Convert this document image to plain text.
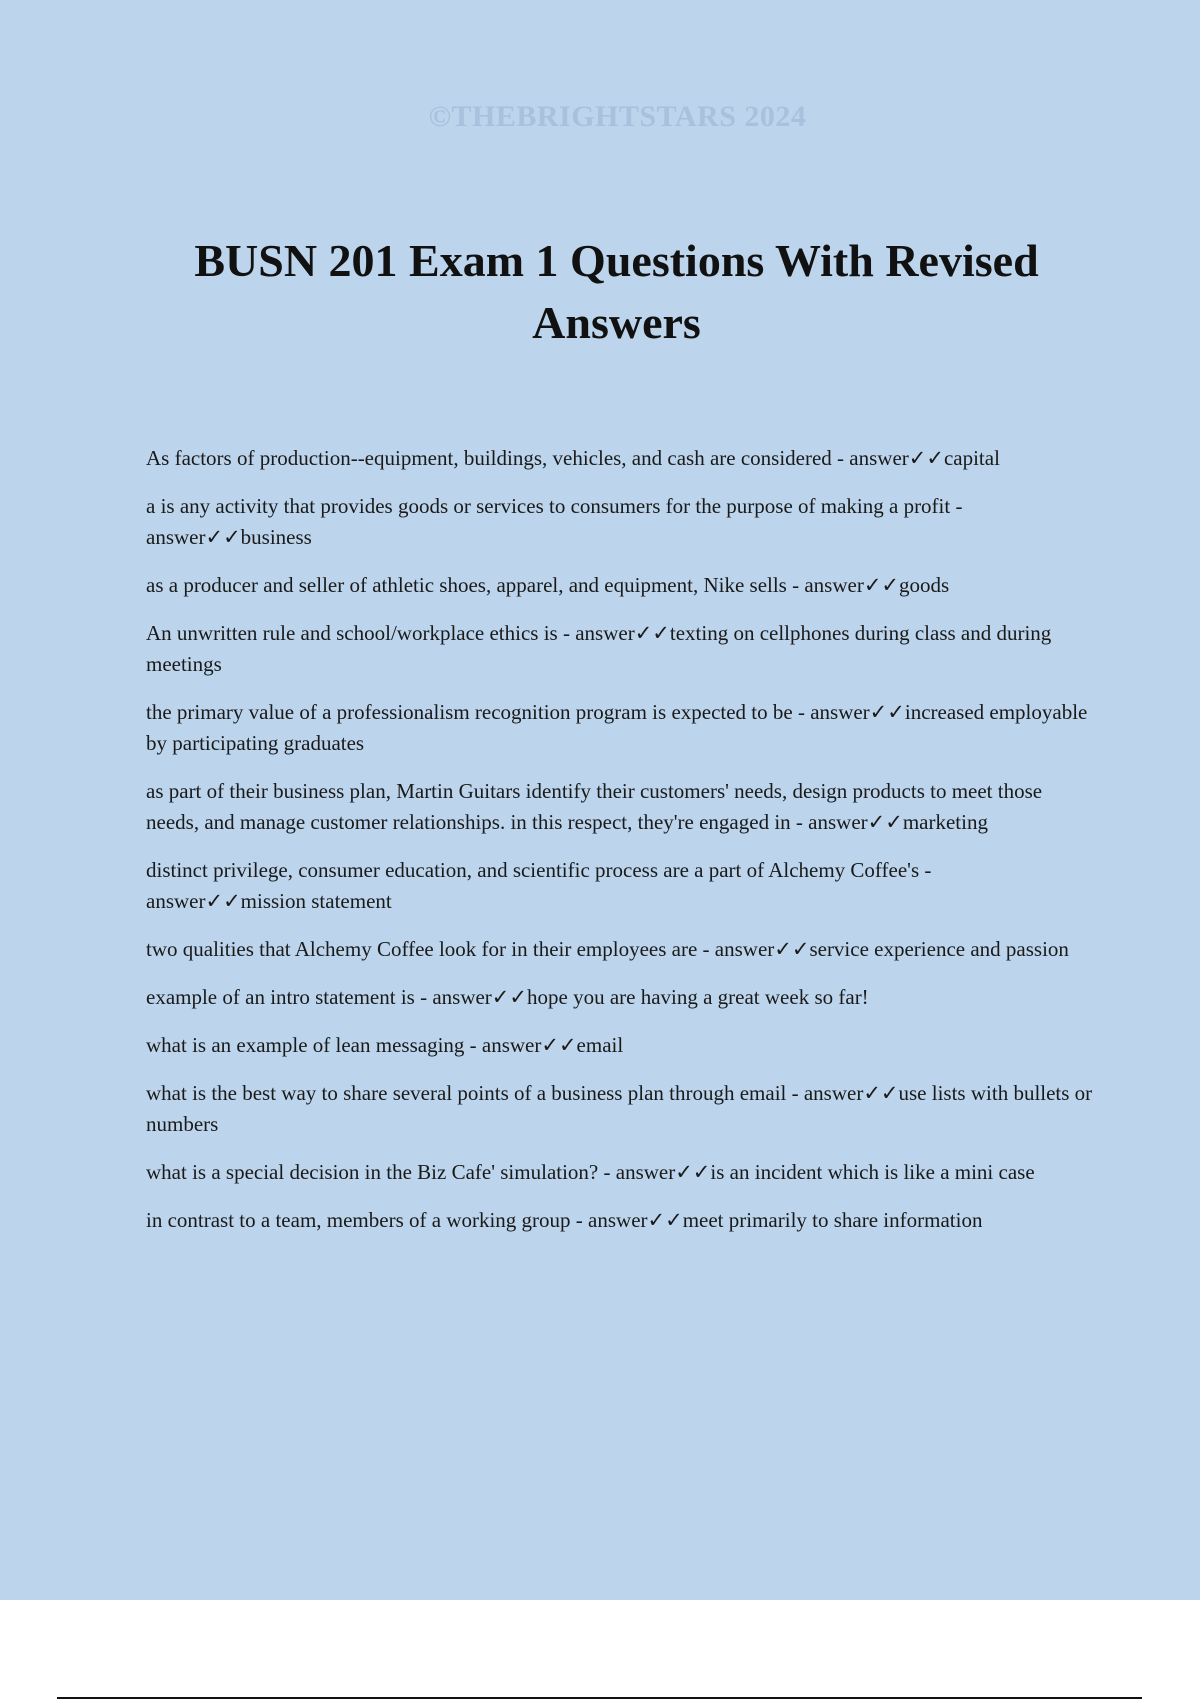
©THEBRIGHTSTARS 2024
BUSN 201 Exam 1 Questions With Revised Answers

As factors of production--equipment, buildings, vehicles, and cash are considered - answer✓✓capital

a is any activity that provides goods or services to consumers for the purpose of making a profit - answer✓✓business

as a producer and seller of athletic shoes, apparel, and equipment, Nike sells - answer✓✓goods

An unwritten rule and school/workplace ethics is - answer✓✓texting on cellphones during class and during meetings

the primary value of a professionalism recognition program is expected to be - answer✓✓increased employable by participating graduates

as part of their business plan, Martin Guitars identify their customers' needs, design products to meet those needs, and manage customer relationships. in this respect, they're engaged in - answer✓✓marketing

distinct privilege, consumer education, and scientific process are a part of Alchemy Coffee's - answer✓✓mission statement

two qualities that Alchemy Coffee look for in their employees are - answer✓✓service experience and passion

example of an intro statement is - answer✓✓hope you are having a great week so far!

what is an example of lean messaging - answer✓✓email

what is the best way to share several points of a business plan through email - answer✓✓use lists with bullets or numbers

what is a special decision in the Biz Cafe' simulation? - answer✓✓is an incident which is like a mini case

in contrast to a team, members of a working group - answer✓✓meet primarily to share information
